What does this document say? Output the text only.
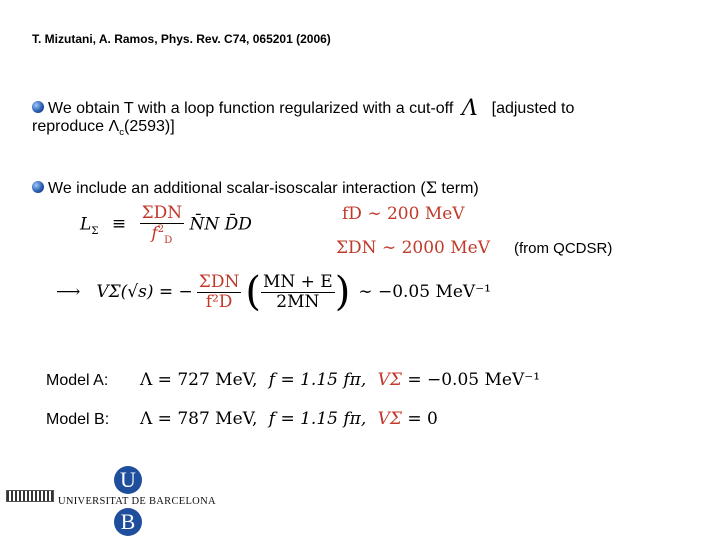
T. Mizutani, A. Ramos, Phys. Rev. C74, 065201 (2006)
We obtain T with a loop function regularized with a cut-off Λ [adjusted to
reproduce $\Lambda_c(2593)$]
We include an additional scalar-isoscalar interaction (Σ term)
$L_\Sigma \equiv \frac{\text{ΣDN}}{f^2_D}$ N̄N D̄D
fD ∼ 200 MeV
ΣDN ∼ 2000 MeV (from QCDSR)
⟶ VΣ(√s) = − $\frac{\text{ΣDN}}{\text{f²D}}$ ( $\frac{MN + E}{2MN}$ ) ∼ −0.05 MeV⁻¹
Model A: Λ = 727 MeV, f = 1.15 fπ, VΣ = −0.05 MeV⁻¹
Model B: Λ = 787 MeV, f = 1.15 fπ, VΣ = 0
U
UNIVERSITAT DE BARCELONA
B
